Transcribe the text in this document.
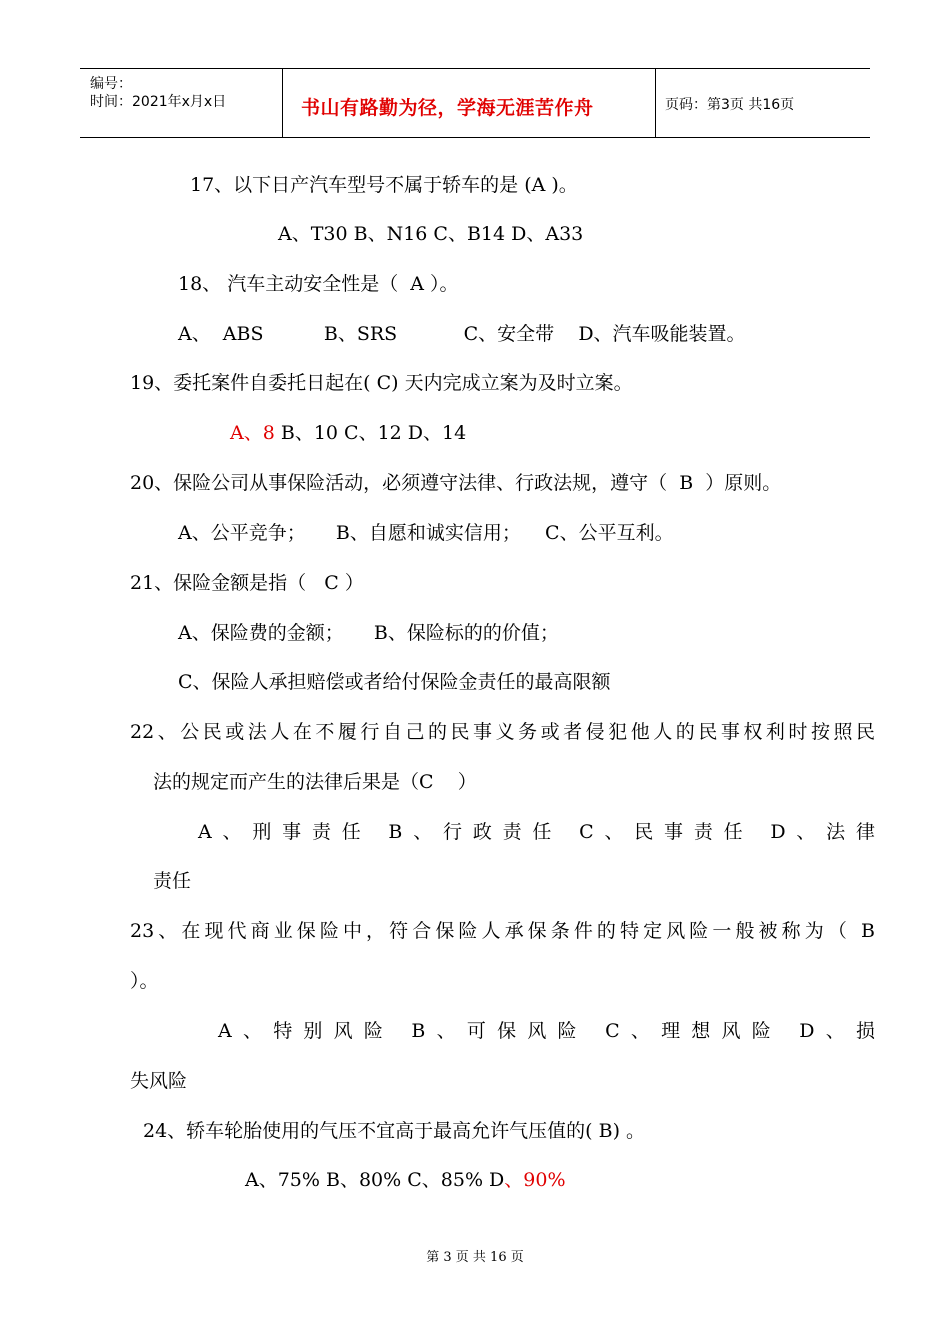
编号：
时间：2021年x月x日	书山有路勤为径，学海无涯苦作舟	页码：第3页 共16页
17、以下日产汽车型号不属于轿车的是 (A )。
A、T30 B、N16 C、B14 D、A33
18、 汽车主动安全性是（  A ）。
A、  ABS          B、SRS           C、安全带    D、汽车吸能装置。
19、委托案件自委托日起在( C) 天内完成立案为及时立案。
A、8 B、10 C、12 D、14
20、保险公司从事保险活动，必须遵守法律、行政法规，遵守（  B  ）原则。
A、公平竞争；     B、自愿和诚实信用；    C、公平互利。
21、保险金额是指（   C ）
A、保险费的金额；     B、保险标的的价值；
C、保险人承担赔偿或者给付保险金责任的最高限额
22、公民或法人在不履行自己的民事义务或者侵犯他人的民事权利时按照民
法的规定而产生的法律后果是（C    ）
A、刑事责任 B、行政责任 C、民事责任 D、法律
责任
23、在现代商业保险中，符合保险人承保条件的特定风险一般被称为（ B
）。
A、特别风险 B、可保风险 C、理想风险 D、损
失风险
24、轿车轮胎使用的气压不宜高于最高允许气压值的( B) 。
A、75% B、80% C、85% D、90%
第 3 页 共 16 页
